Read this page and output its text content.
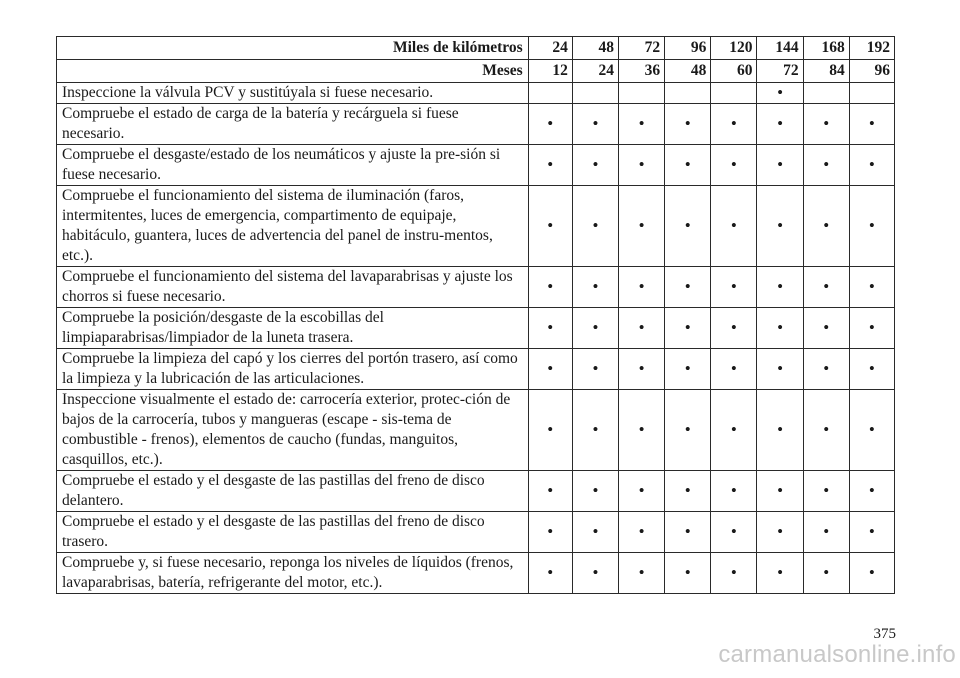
Miles de kilómetros	24	48	72	96	120	144	168	192
Meses	12	24	36	48	60	72	84	96
Inspeccione la válvula PCV y sustitúyala si fuese necesario.						•		
Compruebe el estado de carga de la batería y recárguela si fuese necesario.	•	•	•	•	•	•	•	•
Compruebe el desgaste/estado de los neumáticos y ajuste la pre-sión si fuese necesario.	•	•	•	•	•	•	•	•
Compruebe el funcionamiento del sistema de iluminación (faros, intermitentes, luces de emergencia, compartimento de equipaje, habitáculo, guantera, luces de advertencia del panel de instru-mentos, etc.).	•	•	•	•	•	•	•	•
Compruebe el funcionamiento del sistema del lavaparabrisas y ajuste los chorros si fuese necesario.	•	•	•	•	•	•	•	•
Compruebe la posición/desgaste de la escobillas del limpiaparabrisas/limpiador de la luneta trasera.	•	•	•	•	•	•	•	•
Compruebe la limpieza del capó y los cierres del portón trasero, así como la limpieza y la lubricación de las articulaciones.	•	•	•	•	•	•	•	•
Inspeccione visualmente el estado de: carrocería exterior, protec-ción de bajos de la carrocería, tubos y mangueras (escape - sis-tema de combustible - frenos), elementos de caucho (fundas, manguitos, casquillos, etc.).	•	•	•	•	•	•	•	•
Compruebe el estado y el desgaste de las pastillas del freno de disco delantero.	•	•	•	•	•	•	•	•
Compruebe el estado y el desgaste de las pastillas del freno de disco trasero.	•	•	•	•	•	•	•	•
Compruebe y, si fuese necesario, reponga los niveles de líquidos (frenos, lavaparabrisas, batería, refrigerante del motor, etc.).	•	•	•	•	•	•	•	•
375
carmanualsonline.info
